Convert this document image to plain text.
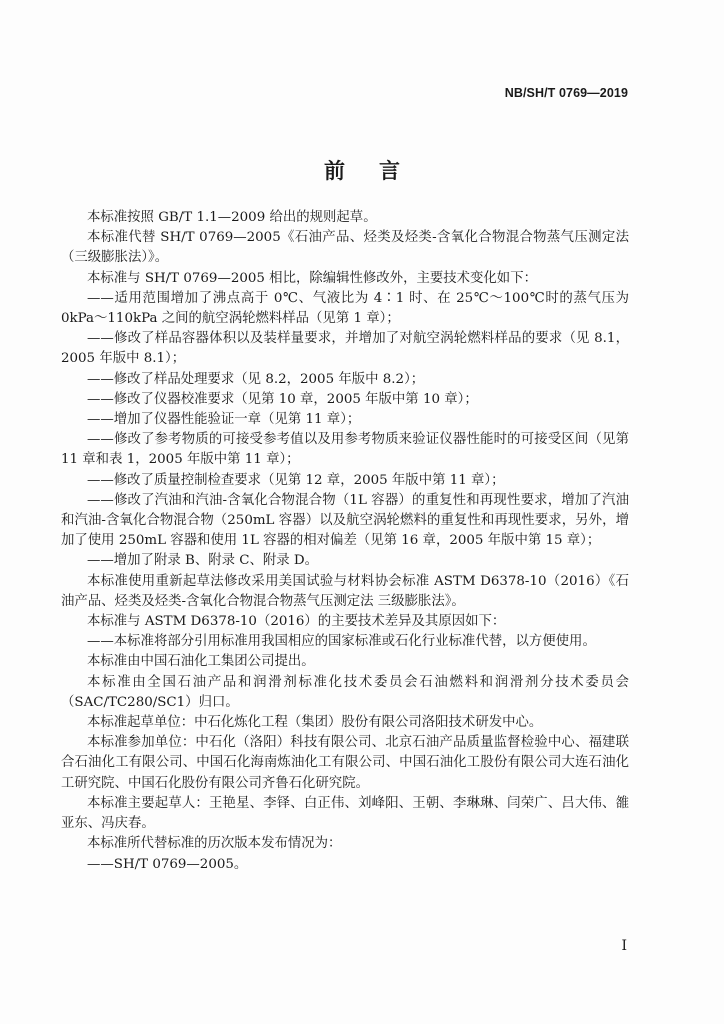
NB/SH/T 0769—2019
前言

本标准按照 GB/T 1.1—2009 给出的规则起草。

本标准代替 SH/T 0769—2005《石油产品、烃类及烃类-含氧化合物混合物蒸气压测定法（三级膨胀法）》。

本标准与 SH/T 0769—2005 相比，除编辑性修改外，主要技术变化如下：

——适用范围增加了沸点高于 0℃、气液比为 4∶1 时、在 25℃～100℃时的蒸气压为 0kPa～110kPa 之间的航空涡轮燃料样品（见第 1 章）；

——修改了样品容器体积以及装样量要求，并增加了对航空涡轮燃料样品的要求（见 8.1，2005 年版中 8.1）；

——修改了样品处理要求（见 8.2，2005 年版中 8.2）；

——修改了仪器校准要求（见第 10 章，2005 年版中第 10 章）；

——增加了仪器性能验证一章（见第 11 章）；

——修改了参考物质的可接受参考值以及用参考物质来验证仪器性能时的可接受区间（见第 11 章和表 1，2005 年版中第 11 章）；

——修改了质量控制检查要求（见第 12 章，2005 年版中第 11 章）；

——修改了汽油和汽油-含氧化合物混合物（1L 容器）的重复性和再现性要求，增加了汽油和汽油-含氧化合物混合物（250mL 容器）以及航空涡轮燃料的重复性和再现性要求，另外，增加了使用 250mL 容器和使用 1L 容器的相对偏差（见第 16 章，2005 年版中第 15 章）；

——增加了附录 B、附录 C、附录 D。

本标准使用重新起草法修改采用美国试验与材料协会标准 ASTM D6378-10（2016）《石油产品、烃类及烃类-含氧化合物混合物蒸气压测定法 三级膨胀法》。

本标准与 ASTM D6378-10（2016）的主要技术差异及其原因如下：

——本标准将部分引用标准用我国相应的国家标准或石化行业标准代替，以方便使用。

本标准由中国石油化工集团公司提出。

本标准由全国石油产品和润滑剂标准化技术委员会石油燃料和润滑剂分技术委员会（SAC/TC280/SC1）归口。

本标准起草单位：中石化炼化工程（集团）股份有限公司洛阳技术研发中心。

本标准参加单位：中石化（洛阳）科技有限公司、北京石油产品质量监督检验中心、福建联合石油化工有限公司、中国石化海南炼油化工有限公司、中国石油化工股份有限公司大连石油化工研究院、中国石化股份有限公司齐鲁石化研究院。

本标准主要起草人：王艳星、李铎、白正伟、刘峰阳、王朝、李琳琳、闫荣广、吕大伟、雒亚东、冯庆春。

本标准所代替标准的历次版本发布情况为：

——SH/T 0769—2005。

I
